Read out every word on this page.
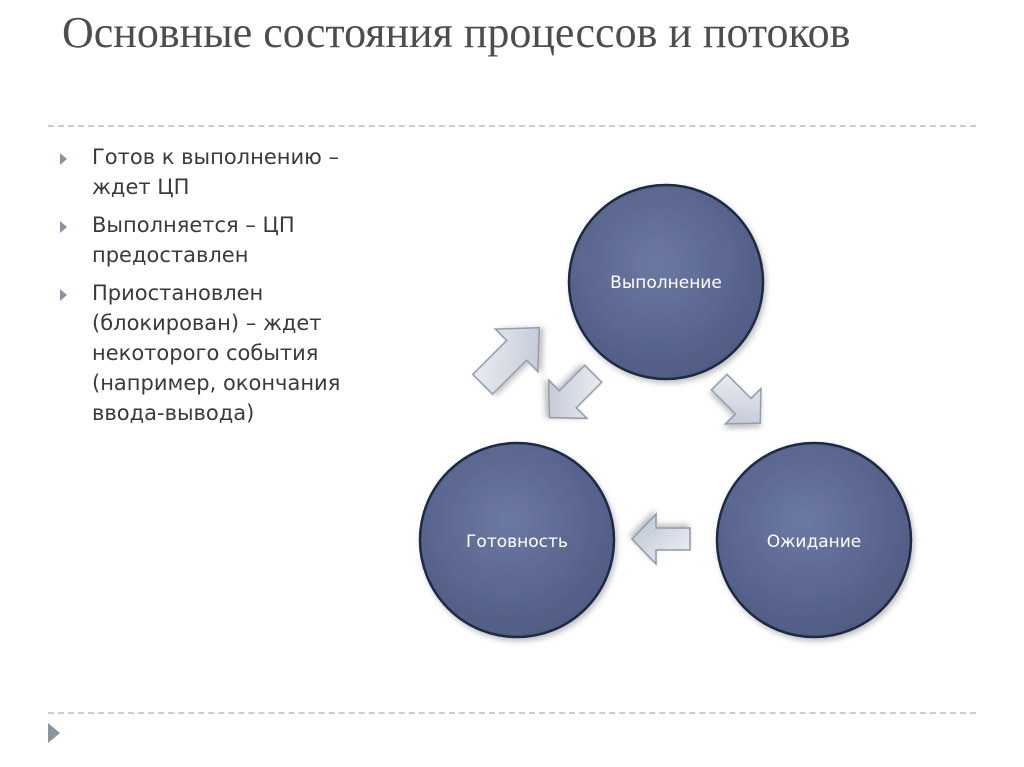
Основные состояния процессов и потоков
Готов к выполнению – ждет ЦП
Выполняется – ЦП предоставлен
Приостановлен (блокирован) – ждет некоторого события (например, окончания ввода-вывода)
Выполнение
Ожидание
Готовность
